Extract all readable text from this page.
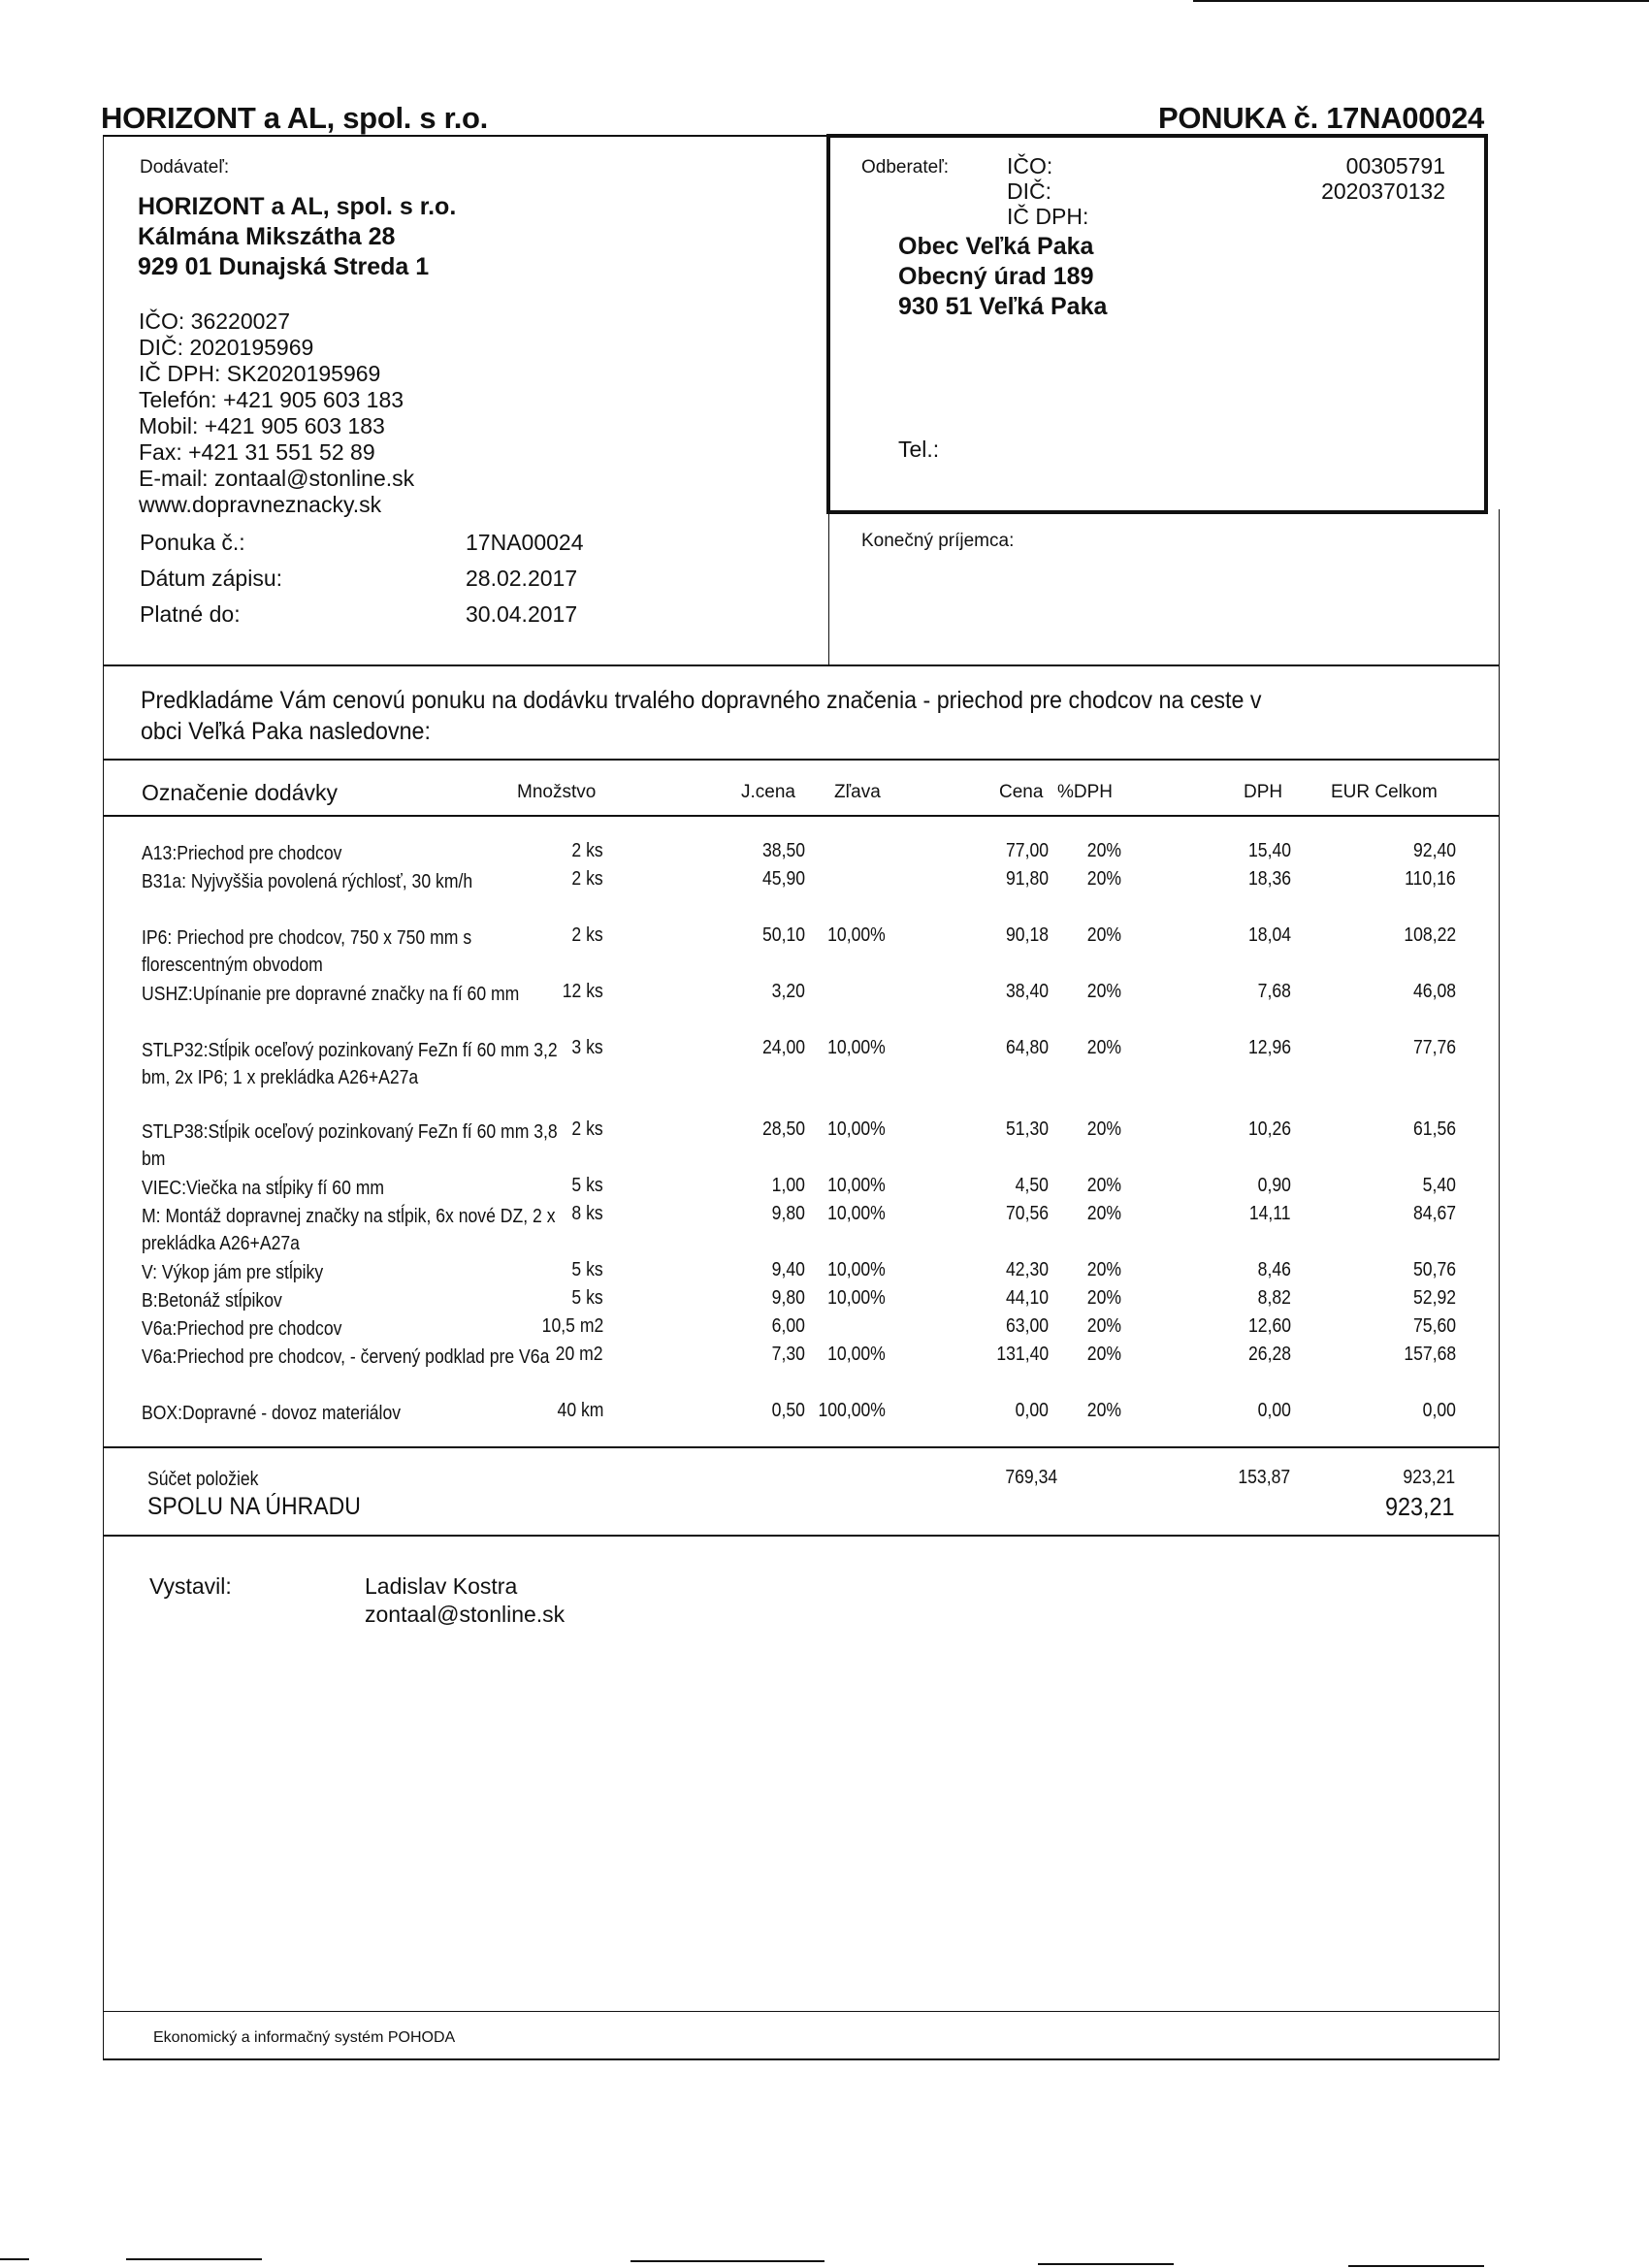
HORIZONT a AL, spol. s r.o.	PONUKA č. 17NA00024
Dodávateľ:
HORIZONT a AL, spol. s r.o.
Kálmána Mikszátha 28
929 01 Dunajská Streda 1
IČO: 36220027
DIČ: 2020195969
IČ DPH: SK2020195969
Telefón: +421 905 603 183
Mobil: +421 905 603 183
Fax: +421 31 551 52 89
E-mail: zontaal@stonline.sk
www.dopravneznacky.sk
Ponuka č.:	17NA00024
Dátum zápisu:	28.02.2017
Platné do:	30.04.2017
Odberateľ:	IČO:	00305791
DIČ:	2020370132
IČ DPH:
Obec Veľká Paka
Obecný úrad 189
930 51 Veľká Paka
Tel.:
Konečný príjemca:
Predkladáme Vám cenovú ponuku na dodávku trvalého dopravného značenia - priechod pre chodcov na ceste v
obci Veľká Paka nasledovne:
Označenie dodávky	Množstvo	J.cena Zľava	Cena %DPH	DPH	EUR Celkom
A13:Priechod pre chodcov	2 ks	38,50	77,00 20%	15,40	92,40
B31a: Nyjvyššia povolená rýchlosť, 30 km/h	2 ks	45,90	91,80 20%	18,36	110,16
IP6: Priechod pre chodcov, 750 x 750 mm s florescentným obvodom
2 ks	50,10 10,00%	90,18 20%	18,04	108,22
USHZ:Upínanie pre dopravné značky na fí 60 mm	12 ks	3,20	38,40 20%	7,68	46,08
STLP32:Stĺpik oceľový pozinkovaný FeZn fí 60 mm 3,2 bm, 2x IP6; 1 x prekládka A26+A27a
3 ks	24,00 10,00%	64,80 20%	12,96	77,76
STLP38:Stĺpik oceľový pozinkovaný FeZn fí 60 mm 3,8 bm
2 ks	28,50 10,00%	51,30 20%	10,26	61,56
VIEC:Viečka na stĺpiky fí 60 mm	5 ks	1,00 10,00%	4,50 20%	0,90	5,40
M: Montáž dopravnej značky na stĺpik, 6x nové DZ, 2 x prekládka A26+A27a
8 ks	9,80 10,00%	70,56 20%	14,11	84,67
V: Výkop jám pre stĺpiky	5 ks	9,40 10,00%	42,30 20%	8,46	50,76
B:Betonáž stĺpikov	5 ks	9,80 10,00%	44,10 20%	8,82	52,92
V6a:Priechod pre chodcov	10,5 m2	6,00	63,00 20%	12,60	75,60
V6a:Priechod pre chodcov, - červený podklad pre V6a 20 m2	7,30 10,00%	131,40 20%	26,28	157,68
BOX:Dopravné - dovoz materiálov	40 km	0,50 100,00%	0,00 20%	0,00	0,00
Súčet položiek	769,34	153,87	923,21
SPOLU NA ÚHRADU	923,21
Vystavil:	Ladislav Kostra
zontaal@stonline.sk
Ekonomický a informačný systém POHODA
